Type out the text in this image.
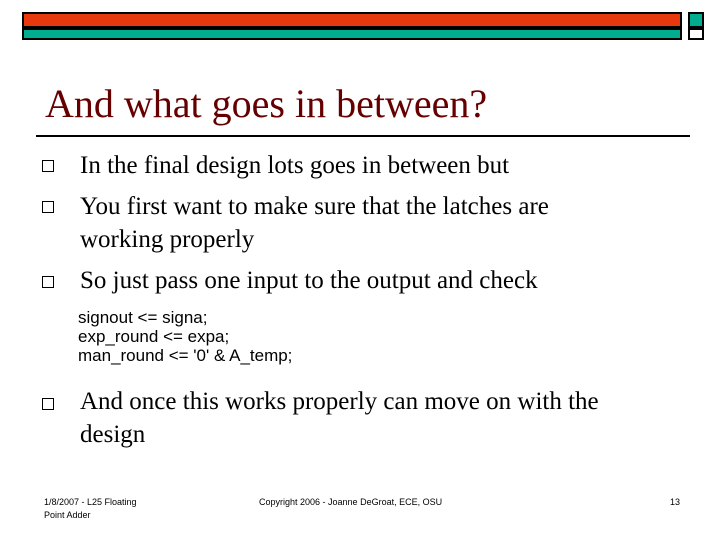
And what goes in between?
In the final design lots goes in between but
You first want to make sure that the latches are
working properly
So just pass one input to the output and check
signout <= signa;
exp_round <= expa;
man_round <= '0' & A_temp;
And once this works properly can move on with the
design
1/8/2007 - L25 Floating
Point Adder
Copyright 2006 - Joanne DeGroat, ECE, OSU	13
